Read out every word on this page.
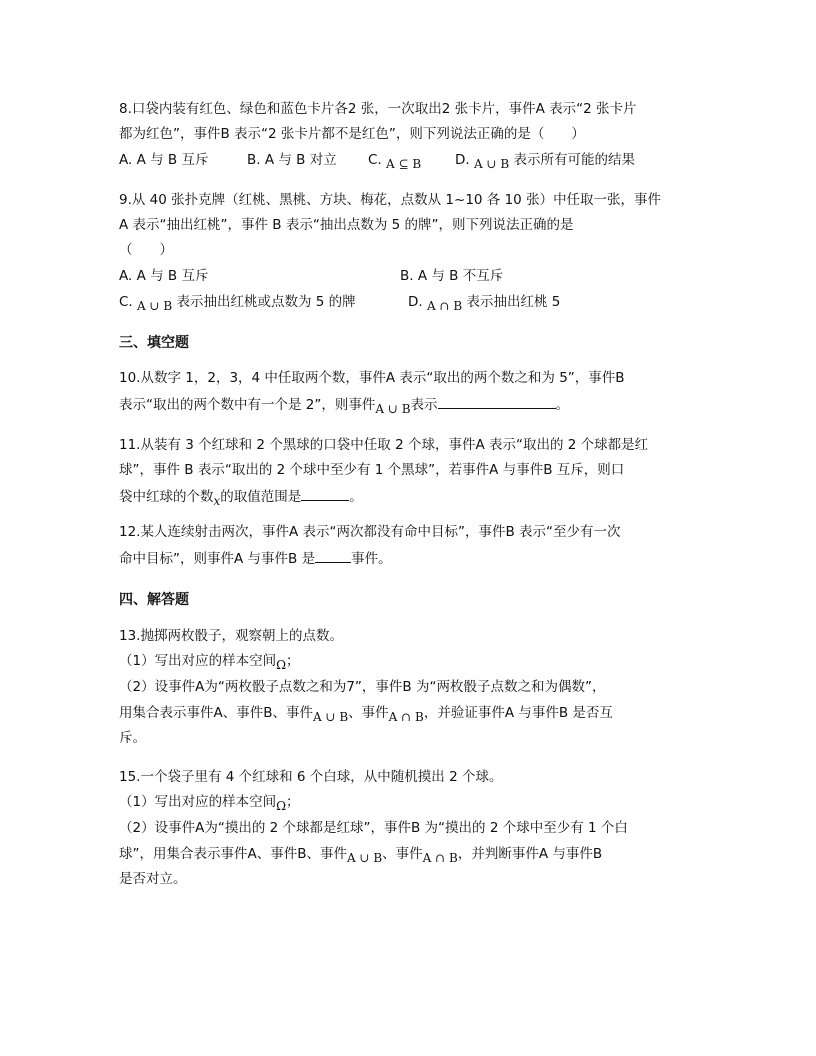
8.口袋内装有红色、绿色和蓝色卡片各2 张，一次取出2 张卡片，事件A 表示“2 张卡片
都为红色”，事件B 表示“2 张卡片都不是红色”，则下列说法正确的是（　　）
A. A 与 B 互斥	B. A 与 B 对立 C. A ⊆ B	D. A ∪ B 表示所有可能的结果
9.从 40 张扑克牌（红桃、黑桃、方块、梅花，点数从 1~10 各 10 张）中任取一张，事件
A 表示“抽出红桃”，事件 B 表示“抽出点数为 5 的牌”，则下列说法正确的是
（　　）
A. A 与 B 互斥	B. A 与 B 不互斥
C. A ∪ B 表示抽出红桃或点数为 5 的牌	D. A ∩ B 表示抽出红桃 5
三、填空题
10.从数字 1，2，3，4 中任取两个数，事件A 表示“取出的两个数之和为 5”，事件B
表示“取出的两个数中有一个是 2”，则事件A ∪ B表示	。
11.从装有 3 个红球和 2 个黑球的口袋中任取 2 个球，事件A 表示“取出的 2 个球都是红
球”，事件 B 表示“取出的 2 个球中至少有 1 个黑球”，若事件A 与事件B 互斥，则口
袋中红球的个数x的取值范围是	。
12.某人连续射击两次，事件A 表示“两次都没有命中目标”，事件B 表示“至少有一次
命中目标”，则事件A 与事件B 是	事件。
四、解答题
13.抛掷两枚骰子，观察朝上的点数。
（1）写出对应的样本空间Ω；
（2）设事件A为“两枚骰子点数之和为7”，事件B 为“两枚骰子点数之和为偶数”，
用集合表示事件A、事件B、事件A ∪ B、事件A ∩ B，并验证事件A 与事件B 是否互
斥。
15.一个袋子里有 4 个红球和 6 个白球，从中随机摸出 2 个球。
（1）写出对应的样本空间Ω；
（2）设事件A为“摸出的 2 个球都是红球”，事件B 为“摸出的 2 个球中至少有 1 个白
球”，用集合表示事件A、事件B、事件A ∪ B、事件A ∩ B，并判断事件A 与事件B
是否对立。
